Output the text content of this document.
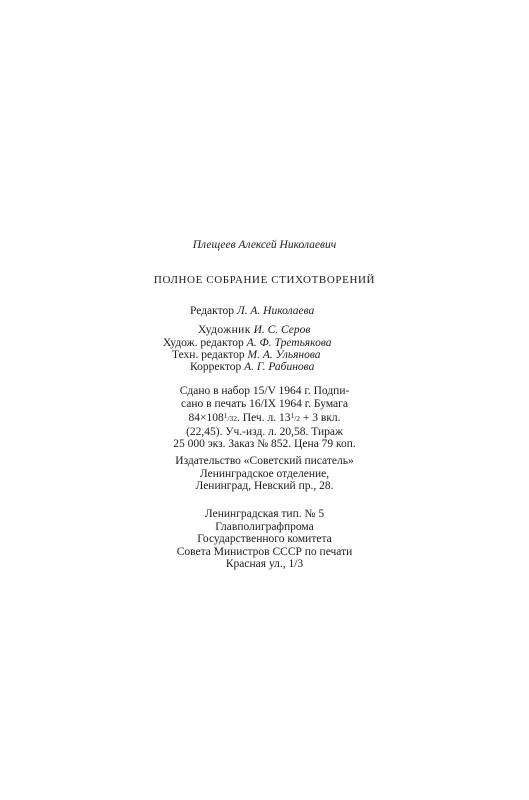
Плещеев Алексей Николаевич
ПОЛНОЕ СОБРАНИЕ СТИХОТВОРЕНИЙ
Редактор Л. А. Николаева
Художник И. С. Серов
Худож. редактор А. Ф. Третьякова
Техн. редактор М. А. Ульянова
Корректор А. Г. Рабинова
Сдано в набор 15/V 1964 г. Подпи-
сано в печать 16/IX 1964 г. Бумага
$84\times 108^1/32$. Печ. л. $13^1/2 + 3$ вкл.
(22,45). Уч.-изд. л. 20,58. Тираж
25 000 экз. Заказ № 852. Цена 79 коп.
Издательство «Советский писатель»
Ленинградское отделение,
Ленинград, Невский пр., 28.
Ленинградская тип. № 5
Главполиграфпрома
Государственного комитета
Совета Министров СССР по печати
Красная ул., 1/3
